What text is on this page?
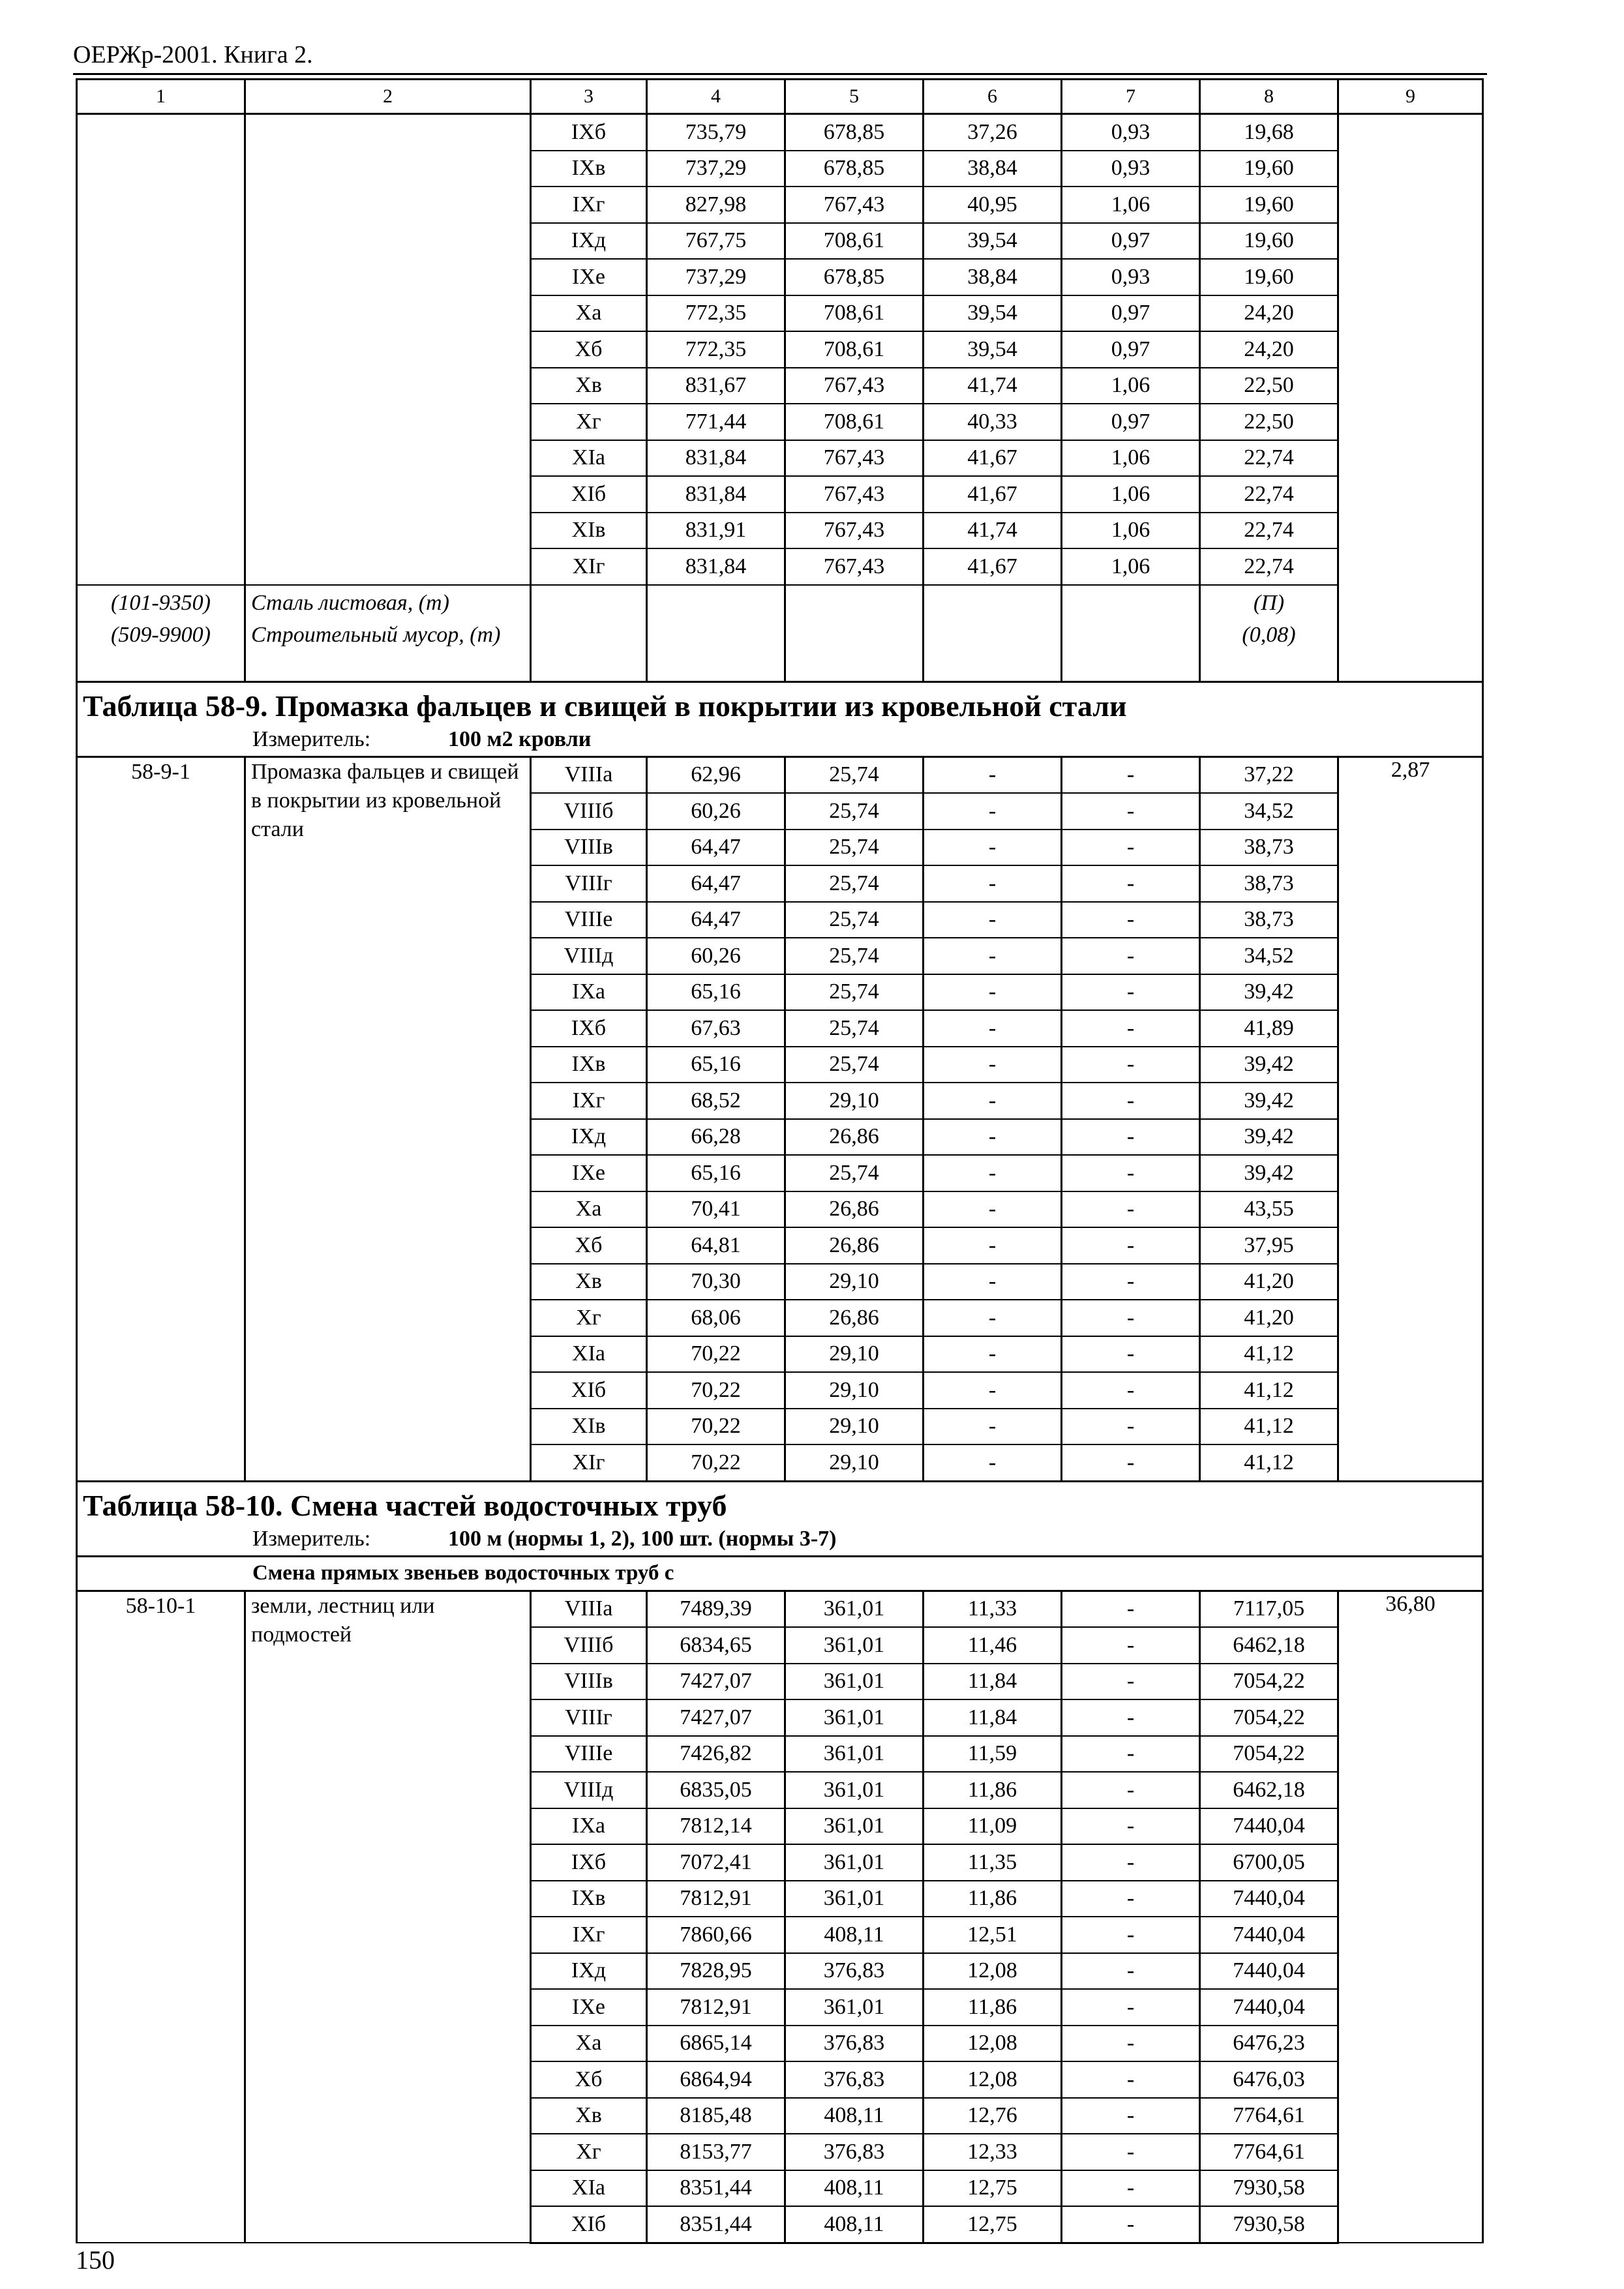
ОЕРЖр-2001. Книга 2.
1	2	3	4	5	6	7	8	9
		IXб	735,79	678,85	37,26	0,93	19,68	
		IXв	737,29	678,85	38,84	0,93	19,60	
		IXг	827,98	767,43	40,95	1,06	19,60	
		IXд	767,75	708,61	39,54	0,97	19,60	
		IXе	737,29	678,85	38,84	0,93	19,60	
		Xа	772,35	708,61	39,54	0,97	24,20	
		Xб	772,35	708,61	39,54	0,97	24,20	
		Xв	831,67	767,43	41,74	1,06	22,50	
		Xг	771,44	708,61	40,33	0,97	22,50	
		XIа	831,84	767,43	41,67	1,06	22,74	
		XIб	831,84	767,43	41,67	1,06	22,74	
		XIв	831,91	767,43	41,74	1,06	22,74	
		XIг	831,84	767,43	41,67	1,06	22,74	
(101-9350)	Сталь листовая, (т)						(П)	
(509-9900)	Строительный мусор, (т)						(0,08)	
Таблица 58-9. Промазка фальцев и свищей в покрытии из кровельной стали								
Измеритель: 100 м2 кровли								
58-9-1	Промазка фальцев и свищей в покрытии из кровельной стали	VIIIа	62,96	25,74	-	-	37,22	2,87
		VIIIб	60,26	25,74	-	-	34,52	
		VIIIв	64,47	25,74	-	-	38,73	
		VIIIг	64,47	25,74	-	-	38,73	
		VIIIе	64,47	25,74	-	-	38,73	
		VIIIд	60,26	25,74	-	-	34,52	
		IXа	65,16	25,74	-	-	39,42	
		IXб	67,63	25,74	-	-	41,89	
		IXв	65,16	25,74	-	-	39,42	
		IXг	68,52	29,10	-	-	39,42	
		IXд	66,28	26,86	-	-	39,42	
		IXе	65,16	25,74	-	-	39,42	
		Xа	70,41	26,86	-	-	43,55	
		Xб	64,81	26,86	-	-	37,95	
		Xв	70,30	29,10	-	-	41,20	
		Xг	68,06	26,86	-	-	41,20	
		XIа	70,22	29,10	-	-	41,12	
		XIб	70,22	29,10	-	-	41,12	
		XIв	70,22	29,10	-	-	41,12	
		XIг	70,22	29,10	-	-	41,12	
Таблица 58-10. Смена частей водосточных труб								
Измеритель: 100 м (нормы 1, 2), 100 шт. (нормы 3-7)								
Смена прямых звеньев водосточных труб с								
58-10-1	земли, лестниц или подмостей	VIIIа	7489,39	361,01	11,33	-	7117,05	36,80
		VIIIб	6834,65	361,01	11,46	-	6462,18	
		VIIIв	7427,07	361,01	11,84	-	7054,22	
		VIIIг	7427,07	361,01	11,84	-	7054,22	
		VIIIе	7426,82	361,01	11,59	-	7054,22	
		VIIIд	6835,05	361,01	11,86	-	6462,18	
		IXа	7812,14	361,01	11,09	-	7440,04	
		IXб	7072,41	361,01	11,35	-	6700,05	
		IXв	7812,91	361,01	11,86	-	7440,04	
		IXг	7860,66	408,11	12,51	-	7440,04	
		IXд	7828,95	376,83	12,08	-	7440,04	
		IXе	7812,91	361,01	11,86	-	7440,04	
		Xа	6865,14	376,83	12,08	-	6476,23	
		Xб	6864,94	376,83	12,08	-	6476,03	
		Xв	8185,48	408,11	12,76	-	7764,61	
		Xг	8153,77	376,83	12,33	-	7764,61	
		XIа	8351,44	408,11	12,75	-	7930,58	
		XIб	8351,44	408,11	12,75	-	7930,58	
150
